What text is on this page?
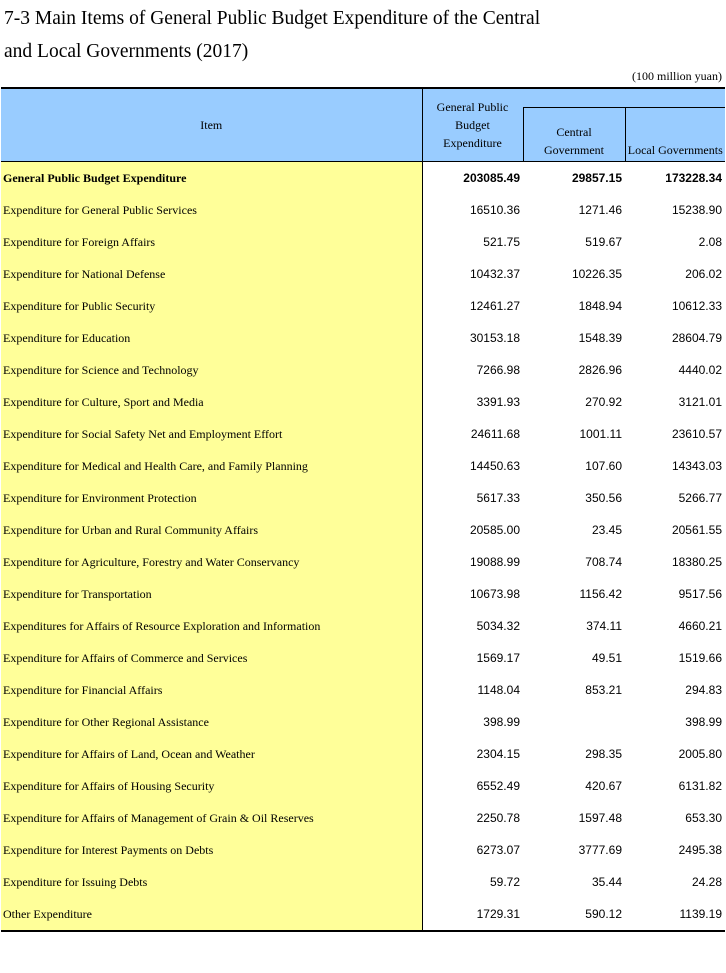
7-3 Main Items of General Public Budget Expenditure of the Central
and Local Governments (2017)
(100 million yuan)
Item	General Public Budget Expenditure		
		Central Government	Local Governments
General Public Budget Expenditure	203085.49	29857.15	173228.34
Expenditure for General Public Services	16510.36	1271.46	15238.90
Expenditure for Foreign Affairs	521.75	519.67	2.08
Expenditure for National Defense	10432.37	10226.35	206.02
Expenditure for Public Security	12461.27	1848.94	10612.33
Expenditure for Education	30153.18	1548.39	28604.79
Expenditure for Science and Technology	7266.98	2826.96	4440.02
Expenditure for Culture, Sport and Media	3391.93	270.92	3121.01
Expenditure for Social Safety Net and Employment Effort	24611.68	1001.11	23610.57
Expenditure for Medical and Health Care, and Family Planning	14450.63	107.60	14343.03
Expenditure for Environment Protection	5617.33	350.56	5266.77
Expenditure for Urban and Rural Community Affairs	20585.00	23.45	20561.55
Expenditure for Agriculture, Forestry and Water Conservancy	19088.99	708.74	18380.25
Expenditure for Transportation	10673.98	1156.42	9517.56
Expenditures for Affairs of Resource Exploration and Information	5034.32	374.11	4660.21
Expenditure for Affairs of Commerce and Services	1569.17	49.51	1519.66
Expenditure for Financial Affairs	1148.04	853.21	294.83
Expenditure for Other Regional Assistance	398.99		398.99
Expenditure for Affairs of Land, Ocean and Weather	2304.15	298.35	2005.80
Expenditure for Affairs of Housing Security	6552.49	420.67	6131.82
Expenditure for Affairs of Management of Grain & Oil Reserves	2250.78	1597.48	653.30
Expenditure for Interest Payments on Debts	6273.07	3777.69	2495.38
Expenditure for Issuing Debts	59.72	35.44	24.28
Other Expenditure	1729.31	590.12	1139.19
